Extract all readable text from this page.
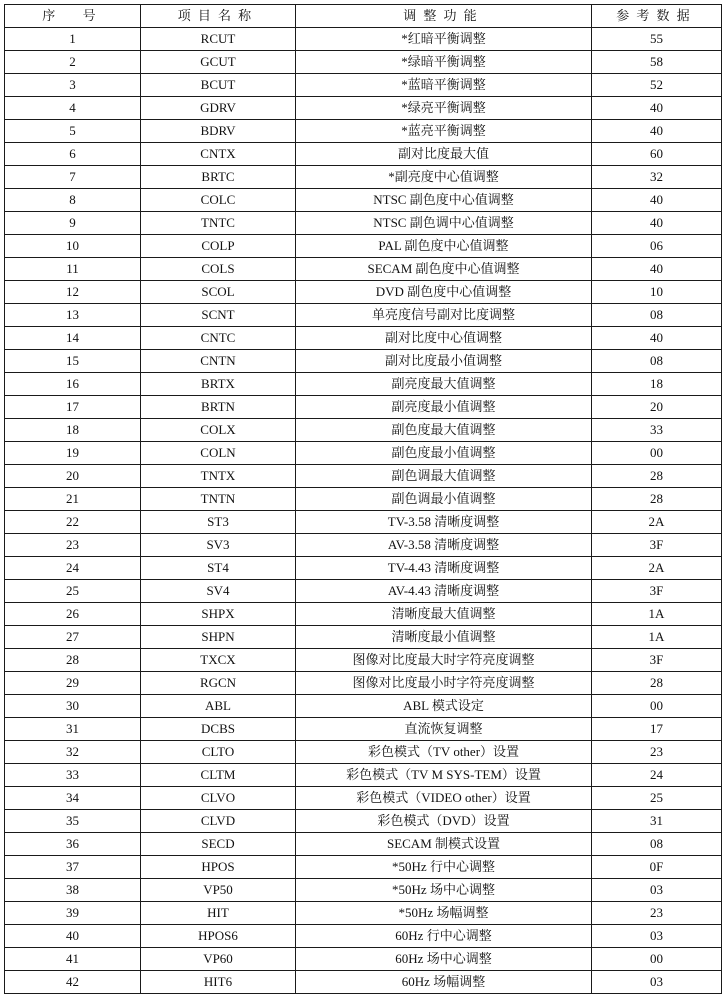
序　号	项目名称	调整功能	参考数据
1	RCUT	*红暗平衡调整	55
2	GCUT	*绿暗平衡调整	58
3	BCUT	*蓝暗平衡调整	52
4	GDRV	*绿亮平衡调整	40
5	BDRV	*蓝亮平衡调整	40
6	CNTX	副对比度最大值	60
7	BRTC	*副亮度中心值调整	32
8	COLC	NTSC 副色度中心值调整	40
9	TNTC	NTSC 副色调中心值调整	40
10	COLP	PAL 副色度中心值调整	06
11	COLS	SECAM 副色度中心值调整	40
12	SCOL	DVD 副色度中心值调整	10
13	SCNT	单亮度信号副对比度调整	08
14	CNTC	副对比度中心值调整	40
15	CNTN	副对比度最小值调整	08
16	BRTX	副亮度最大值调整	18
17	BRTN	副亮度最小值调整	20
18	COLX	副色度最大值调整	33
19	COLN	副色度最小值调整	00
20	TNTX	副色调最大值调整	28
21	TNTN	副色调最小值调整	28
22	ST3	TV-3.58 清晰度调整	2A
23	SV3	AV-3.58 清晰度调整	3F
24	ST4	TV-4.43 清晰度调整	2A
25	SV4	AV-4.43 清晰度调整	3F
26	SHPX	清晰度最大值调整	1A
27	SHPN	清晰度最小值调整	1A
28	TXCX	图像对比度最大时字符亮度调整	3F
29	RGCN	图像对比度最小时字符亮度调整	28
30	ABL	ABL 模式设定	00
31	DCBS	直流恢复调整	17
32	CLTO	彩色模式（TV other）设置	23
33	CLTM	彩色模式（TV M SYS-TEM）设置	24
34	CLVO	彩色模式（VIDEO other）设置	25
35	CLVD	彩色模式（DVD）设置	31
36	SECD	SECAM 制模式设置	08
37	HPOS	*50Hz 行中心调整	0F
38	VP50	*50Hz 场中心调整	03
39	HIT	*50Hz 场幅调整	23
40	HPOS6	60Hz 行中心调整	03
41	VP60	60Hz 场中心调整	00
42	HIT6	60Hz 场幅调整	03
